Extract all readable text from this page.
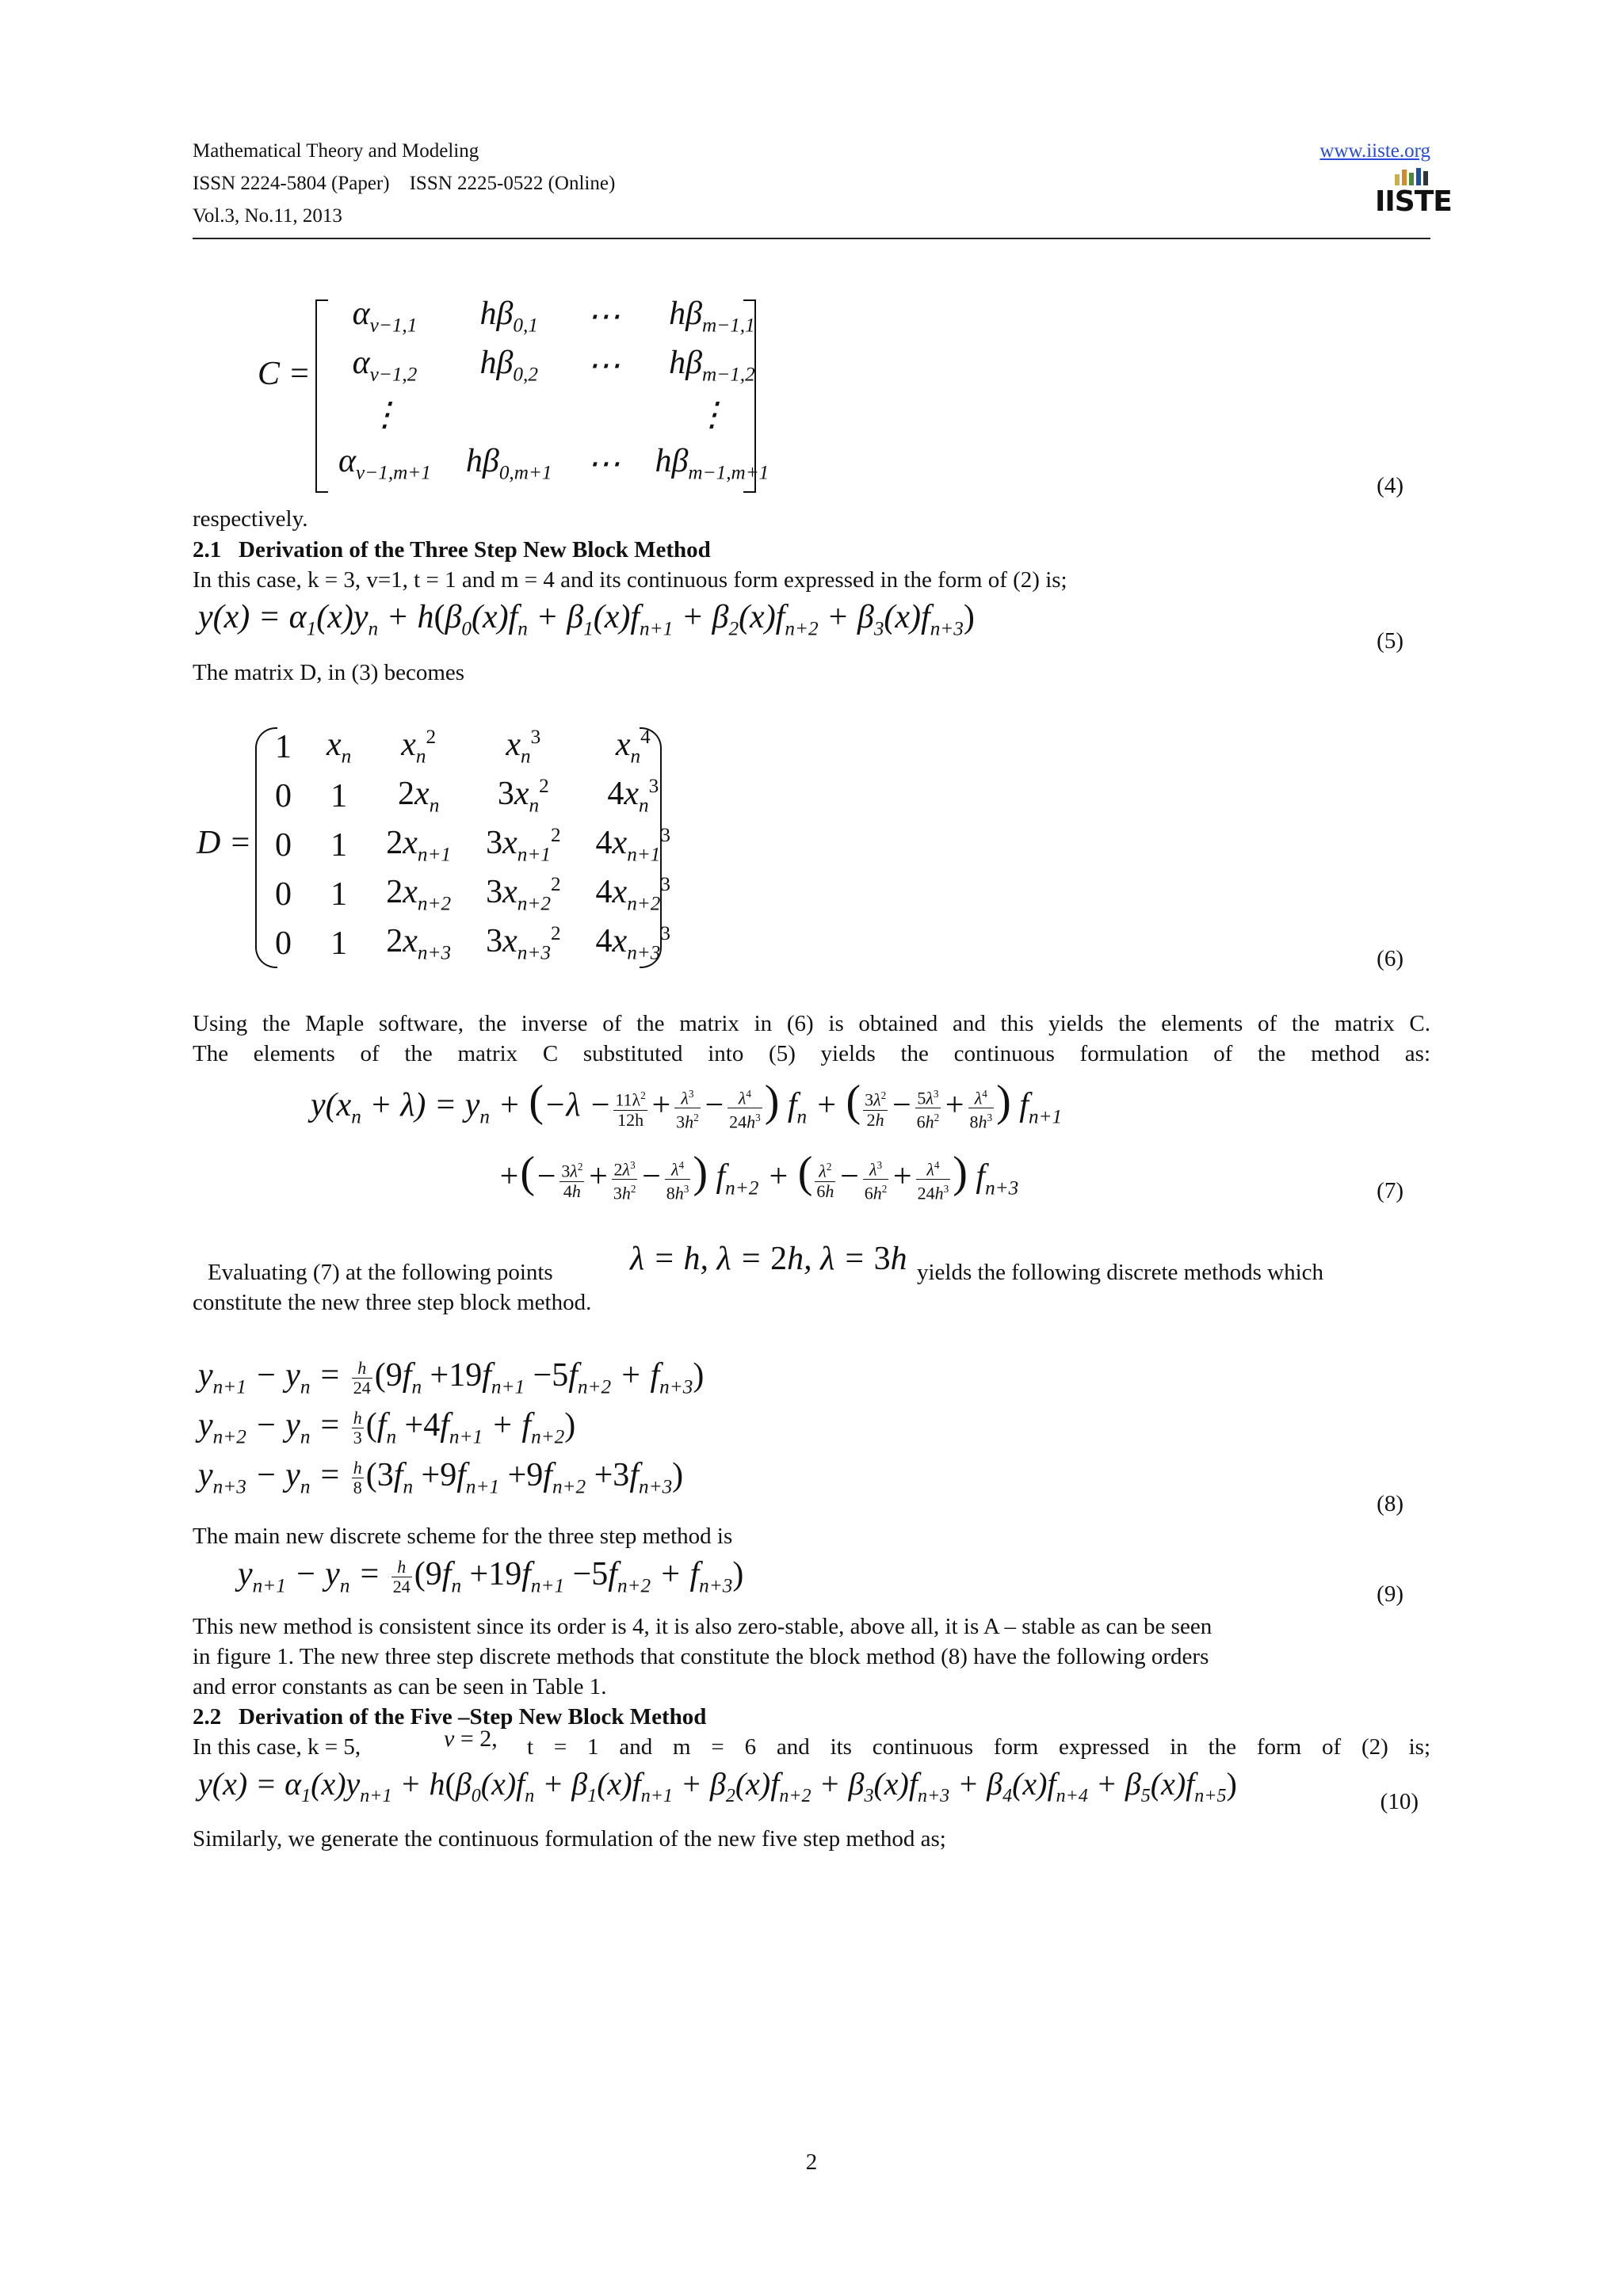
Mathematical Theory and Modeling
ISSN 2224-5804 (Paper)    ISSN 2225-0522 (Online)
Vol.3, No.11, 2013
www.iiste.org
IISTE
C =
$\alpha_{v-1,1}$	$h\beta_{0,1}$	⋯	$h\beta_{m-1,1}$
$\alpha_{v-1,2}$	$h\beta_{0,2}$	⋯	$h\beta_{m-1,2}$
⋮			⋮
$\alpha_{v-1,m+1}$	$h\beta_{0,m+1}$	⋯	$h\beta_{m-1,m+1}$	(4)
respectively.
2.1   Derivation of the Three Step New Block Method
In this case, k = 3, v=1, t = 1 and m = 4 and its continuous form expressed in the form of (2) is;
$y(x) = \alpha_1(x)y_n + h(\beta_0(x)f_n + \beta_1(x)f_{n+1} + \beta_2(x)f_{n+2} + \beta_3(x)f_{n+3})$
(5)
The matrix D, in (3) becomes
D =
1	$x_n$	$x_n^2$	$x_n^3$	$x_n^4$
0	1	$2x_n$	$3x_n^2$	$4x_n^3$
0	1	$2x_{n+1}$	$3x_{n+1}^2$	$4x_{n+1}^3$
0	1	$2x_{n+2}$	$3x_{n+2}^2$	$4x_{n+2}^3$
0	1	$2x_{n+3}$	$3x_{n+3}^2$	$4x_{n+3}^3$
(6)
Using the Maple software, the inverse of the matrix in (6) is obtained and this yields the elements of the matrix C.
The elements of the matrix C substituted into (5) yields the continuous formulation of the method as:
$y(x_n + \lambda) = y_n + (-\lambda - \frac{11\lambda^2}{12h} + \frac{\lambda^3}{3h^2} - \frac{\lambda^4}{24h^3}$ ) $f_n$ + ( $\frac{3\lambda^2}{2h} - \frac{5\lambda^3}{6h^2} + \frac{\lambda^4}{8h^3}$ ) $f_{n+1}$
+(− $\frac{3\lambda^2}{4h} + \frac{2\lambda^3}{3h^2} - \frac{\lambda^4}{8h^3}$ ) $f_{n+2}$ + ( $\frac{\lambda^2}{6h} - \frac{\lambda^3}{6h^2} + \frac{\lambda^4}{24h^3}$ ) $f_{n+3}$	(7)
Evaluating (7) at the following points λ = h, λ = 2h, λ = 3h yields the following discrete methods which
constitute the new three step block method.
$y_{n+1} - y_n = \frac{h}{24} (9f_n +19f_{n+1} -5f_{n+2} + f_{n+3})$
$y_{n+2} - y_n = \frac{h}{3} (f_n +4f_{n+1} + f_{n+2})$
$y_{n+3} - y_n = \frac{h}{8} (3f_n +9f_{n+1} +9f_{n+2} +3f_{n+3})$
(8)
The main new discrete scheme for the three step method is
$y_{n+1} - y_n = \frac{h}{24} (9f_n +19f_{n+1} -5f_{n+2} + f_{n+3})$
(9)
This new method is consistent since its order is 4, it is also zero-stable, above all, it is A – stable as can be seen
in figure 1. The new three step discrete methods that constitute the block method (8) have the following orders
and error constants as can be seen in Table 1.
2.2   Derivation of the Five –Step New Block Method
In this case, k = 5,	v = 2, t = 1 and m = 6 and its continuous form expressed in the form of (2) is;
$y(x) = \alpha_1(x)y_{n+1} + h(\beta_0(x)f_n + \beta_1(x)f_{n+1} + \beta_2(x)f_{n+2} + \beta_3(x)f_{n+3} + \beta_4(x)f_{n+4} + \beta_5(x)f_{n+5})$	(10)
Similarly, we generate the continuous formulation of the new five step method as;
2
